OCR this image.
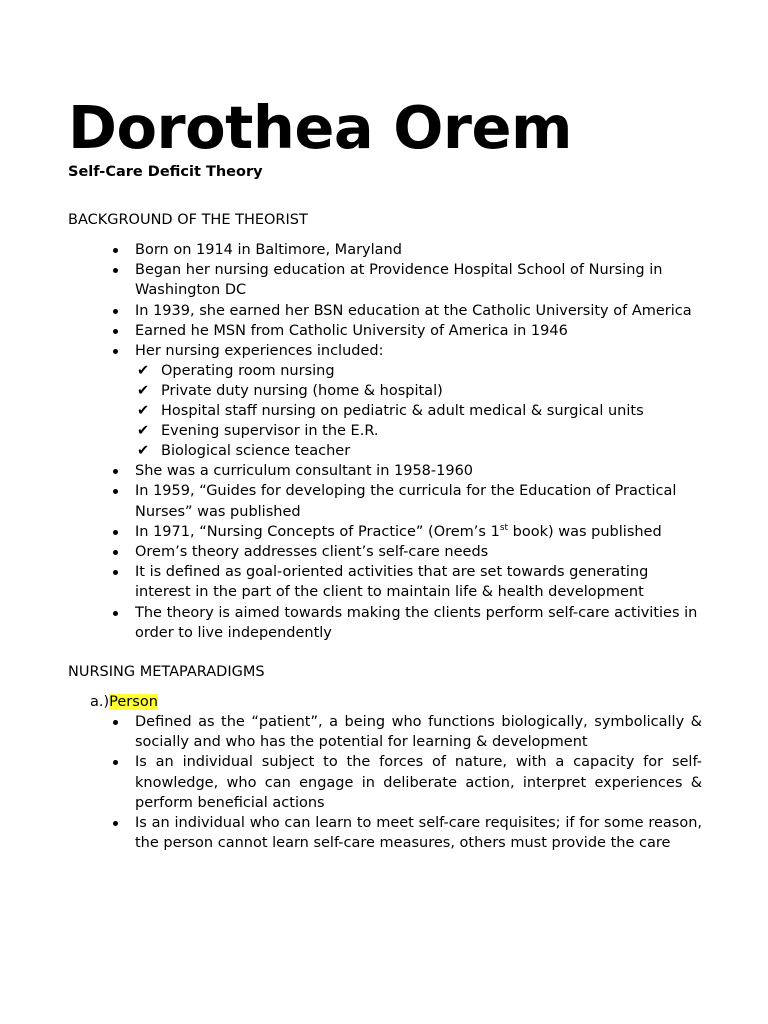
Dorothea Orem
Self-Care Deficit Theory
BACKGROUND OF THE THEORIST
Born on 1914 in Baltimore, Maryland
Began her nursing education at Providence Hospital School of Nursing in Washington DC
In 1939, she earned her BSN education at the Catholic University of America
Earned he MSN from Catholic University of America in 1946
Her nursing experiences included:
✔ Operating room nursing
✔ Private duty nursing (home & hospital)
✔ Hospital staff nursing on pediatric & adult medical & surgical units
✔ Evening supervisor in the E.R.
✔ Biological science teacher
She was a curriculum consultant in 1958-1960
In 1959, “Guides for developing the curricula for the Education of Practical Nurses” was published
In 1971, “Nursing Concepts of Practice” (Orem’s 1st book) was published
Orem’s theory addresses client’s self-care needs
It is defined as goal-oriented activities that are set towards generating interest in the part of the client to maintain life & health development
The theory is aimed towards making the clients perform self-care activities in order to live independently
NURSING METAPARADIGMS
a.)Person
Defined as the “patient”, a being who functions biologically, symbolically & socially and who has the potential for learning & development
Is an individual subject to the forces of nature, with a capacity for self-knowledge, who can engage in deliberate action, interpret experiences & perform beneficial actions
Is an individual who can learn to meet self-care requisites; if for some reason, the person cannot learn self-care measures, others must provide the care
